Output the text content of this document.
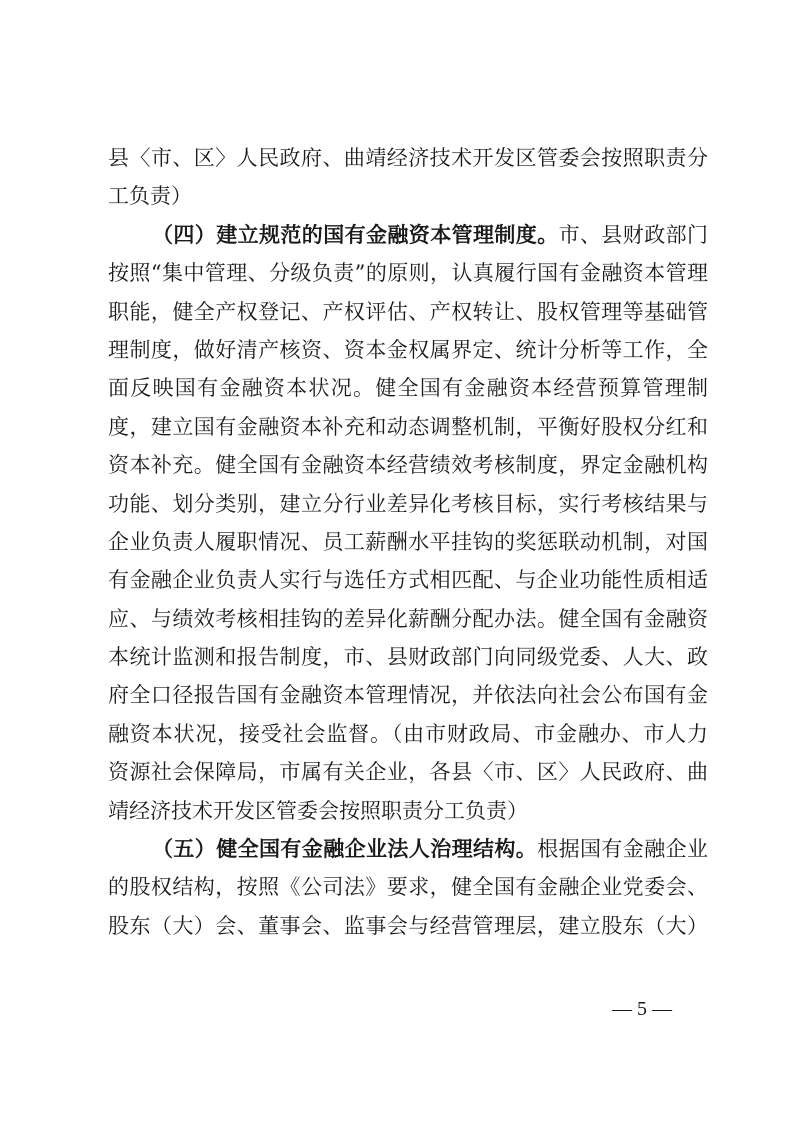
县〈市、区〉人民政府、曲靖经济技术开发区管委会按照职责分
工负责）
（四）建立规范的国有金融资本管理制度。市、县财政部门
按照“集中管理、分级负责”的原则，认真履行国有金融资本管理
职能，健全产权登记、产权评估、产权转让、股权管理等基础管
理制度，做好清产核资、资本金权属界定、统计分析等工作，全
面反映国有金融资本状况。健全国有金融资本经营预算管理制
度，建立国有金融资本补充和动态调整机制，平衡好股权分红和
资本补充。健全国有金融资本经营绩效考核制度，界定金融机构
功能、划分类别，建立分行业差异化考核目标，实行考核结果与
企业负责人履职情况、员工薪酬水平挂钩的奖惩联动机制，对国
有金融企业负责人实行与选任方式相匹配、与企业功能性质相适
应、与绩效考核相挂钩的差异化薪酬分配办法。健全国有金融资
本统计监测和报告制度，市、县财政部门向同级党委、人大、政
府全口径报告国有金融资本管理情况，并依法向社会公布国有金
融资本状况，接受社会监督。（由市财政局、市金融办、市人力
资源社会保障局，市属有关企业，各县〈市、区〉人民政府、曲
靖经济技术开发区管委会按照职责分工负责）
（五）健全国有金融企业法人治理结构。根据国有金融企业
的股权结构，按照《公司法》要求，健全国有金融企业党委会、
股东（大）会、董事会、监事会与经营管理层，建立股东（大）
— 5 —
